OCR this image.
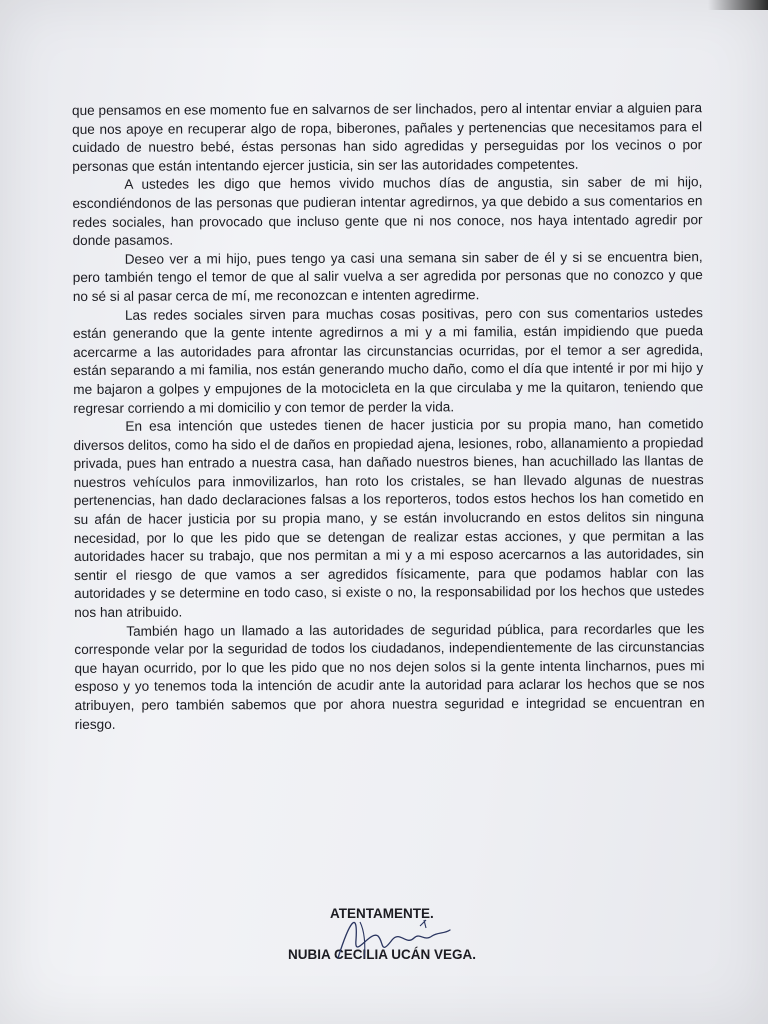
que pensamos en ese momento fue en salvarnos de ser linchados, pero al intentar enviar a alguien para que nos apoye en recuperar algo de ropa, biberones, pañales y pertenencias que necesitamos para el cuidado de nuestro bebé, éstas personas han sido agredidas y perseguidas por los vecinos o por personas que están intentando ejercer justicia, sin ser las autoridades competentes.

A ustedes les digo que hemos vivido muchos días de angustia, sin saber de mi hijo, escondiéndonos de las personas que pudieran intentar agredirnos, ya que debido a sus comentarios en redes sociales, han provocado que incluso gente que ni nos conoce, nos haya intentado agredir por donde pasamos.

Deseo ver a mi hijo, pues tengo ya casi una semana sin saber de él y si se encuentra bien, pero también tengo el temor de que al salir vuelva a ser agredida por personas que no conozco y que no sé si al pasar cerca de mí, me reconozcan e intenten agredirme.

Las redes sociales sirven para muchas cosas positivas, pero con sus comentarios ustedes están generando que la gente intente agredirnos a mi y a mi familia, están impidiendo que pueda acercarme a las autoridades para afrontar las circunstancias ocurridas, por el temor a ser agredida, están separando a mi familia, nos están generando mucho daño, como el día que intenté ir por mi hijo y me bajaron a golpes y empujones de la motocicleta en la que circulaba y me la quitaron, teniendo que regresar corriendo a mi domicilio y con temor de perder la vida.

En esa intención que ustedes tienen de hacer justicia por su propia mano, han cometido diversos delitos, como ha sido el de daños en propiedad ajena, lesiones, robo, allanamiento a propiedad privada, pues han entrado a nuestra casa, han dañado nuestros bienes, han acuchillado las llantas de nuestros vehículos para inmovilizarlos, han roto los cristales, se han llevado algunas de nuestras pertenencias, han dado declaraciones falsas a los reporteros, todos estos hechos los han cometido en su afán de hacer justicia por su propia mano, y se están involucrando en estos delitos sin ninguna necesidad, por lo que les pido que se detengan de realizar estas acciones, y que permitan a las autoridades hacer su trabajo, que nos permitan a mi y a mi esposo acercarnos a las autoridades, sin sentir el riesgo de que vamos a ser agredidos físicamente, para que podamos hablar con las autoridades y se determine en todo caso, si existe o no, la responsabilidad por los hechos que ustedes nos han atribuido.

También hago un llamado a las autoridades de seguridad pública, para recordarles que les corresponde velar por la seguridad de todos los ciudadanos, independientemente de las circunstancias que hayan ocurrido, por lo que les pido que no nos dejen solos si la gente intenta lincharnos, pues mi esposo y yo tenemos toda la intención de acudir ante la autoridad para aclarar los hechos que se nos atribuyen, pero también sabemos que por ahora nuestra seguridad e integridad se encuentran en riesgo.

ATENTAMENTE.
NUBIA CECILIA UCÁN VEGA.
